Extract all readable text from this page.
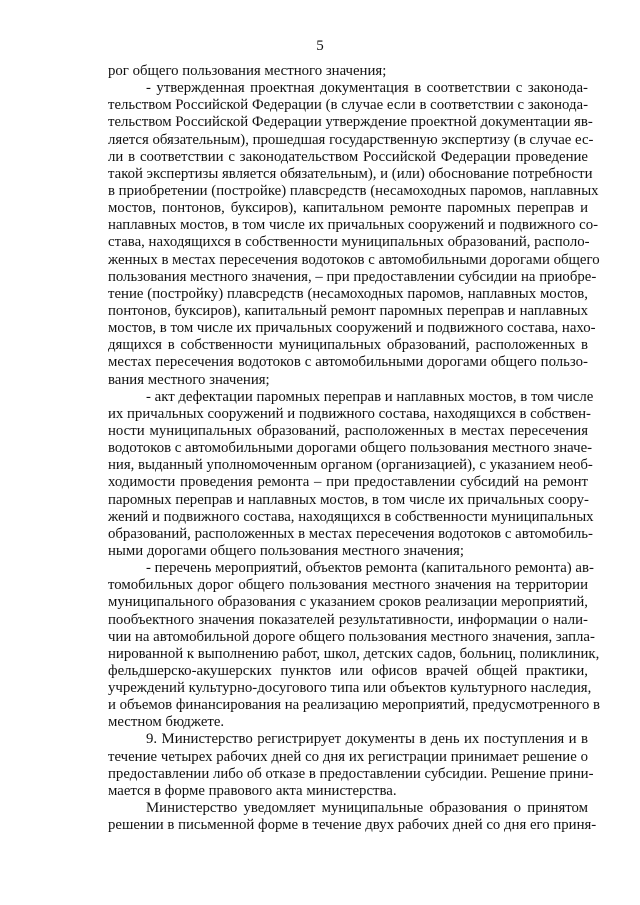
5

рог общего пользования местного значения;

- утвержденная проектная документация в соответствии с законода-
тельством Российской Федерации (в случае если в соответствии с законода-
тельством Российской Федерации утверждение проектной документации яв-
ляется обязательным), прошедшая государственную экспертизу (в случае ес-
ли в соответствии с законодательством Российской Федерации проведение
такой экспертизы является обязательным), и (или) обоснование потребности
в приобретении (постройке) плавсредств (несамоходных паромов, наплавных
мостов, понтонов, буксиров), капитальном ремонте паромных переправ и
наплавных мостов, в том числе их причальных сооружений и подвижного со-
става, находящихся в собственности муниципальных образований, располо-
женных в местах пересечения водотоков с автомобильными дорогами общего
пользования местного значения, – при предоставлении субсидии на приобре-
тение (постройку) плавсредств (несамоходных паромов, наплавных мостов,
понтонов, буксиров), капитальный ремонт паромных переправ и наплавных
мостов, в том числе их причальных сооружений и подвижного состава, нахо-
дящихся в собственности муниципальных образований, расположенных в
местах пересечения водотоков с автомобильными дорогами общего пользо-
вания местного значения;

- акт дефектации паромных переправ и наплавных мостов, в том числе
их причальных сооружений и подвижного состава, находящихся в собствен-
ности муниципальных образований, расположенных в местах пересечения
водотоков с автомобильными дорогами общего пользования местного значе-
ния, выданный уполномоченным органом (организацией), с указанием необ-
ходимости проведения ремонта – при предоставлении субсидий на ремонт
паромных переправ и наплавных мостов, в том числе их причальных соору-
жений и подвижного состава, находящихся в собственности муниципальных
образований, расположенных в местах пересечения водотоков с автомобиль-
ными дорогами общего пользования местного значения;

- перечень мероприятий, объектов ремонта (капитального ремонта) ав-
томобильных дорог общего пользования местного значения на территории
муниципального образования с указанием сроков реализации мероприятий,
пообъектного значения показателей результативности, информации о нали-
чии на автомобильной дороге общего пользования местного значения, запла-
нированной к выполнению работ, школ, детских садов, больниц, поликлиник,
фельдшерско-акушерских пунктов или офисов врачей общей практики,
учреждений культурно-досугового типа или объектов культурного наследия,
и объемов финансирования на реализацию мероприятий, предусмотренного в
местном бюджете.

9. Министерство регистрирует документы в день их поступления и в
течение четырех рабочих дней со дня их регистрации принимает решение о
предоставлении либо об отказе в предоставлении субсидии. Решение прини-
мается в форме правового акта министерства.

Министерство уведомляет муниципальные образования о принятом
решении в письменной форме в течение двух рабочих дней со дня его приня-
